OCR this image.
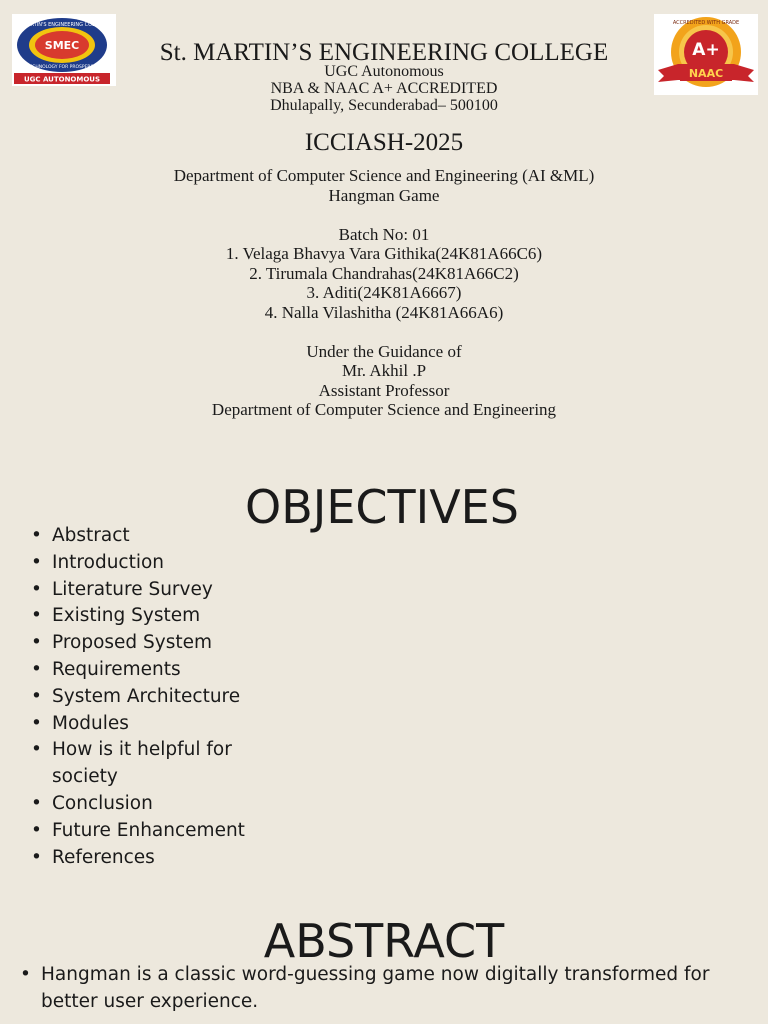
SMEC
St.MARTIN'S ENGINEERING COLLEGE
TECHNOLOGY FOR PROSPERITY
UGC AUTONOMOUS
ACCREDITED WITH GRADE
A+
NAAC
St. MARTIN’S ENGINEERING COLLEGE
UGC Autonomous
NBA & NAAC A+ ACCREDITED
Dhulapally, Secunderabad– 500100
ICCIASH-2025
Department of Computer Science and Engineering (AI &ML)
Hangman Game

Batch No: 01
1. Velaga Bhavya Vara Githika(24K81A66C6)
2. Tirumala Chandrahas(24K81A66C2)
3. Aditi(24K81A6667)
4. Nalla Vilashitha (24K81A66A6)

Under the Guidance of
Mr. Akhil .P
Assistant Professor
Department of Computer Science and Engineering
OBJECTIVES
• Abstract
• Introduction
• Literature Survey
• Existing System
• Proposed System
• Requirements
• System Architecture
• Modules
• How is it helpful for society
• Conclusion
• Future Enhancement
• References
ABSTRACT
• Hangman is a classic word-guessing game now digitally transformed for better user experience.
